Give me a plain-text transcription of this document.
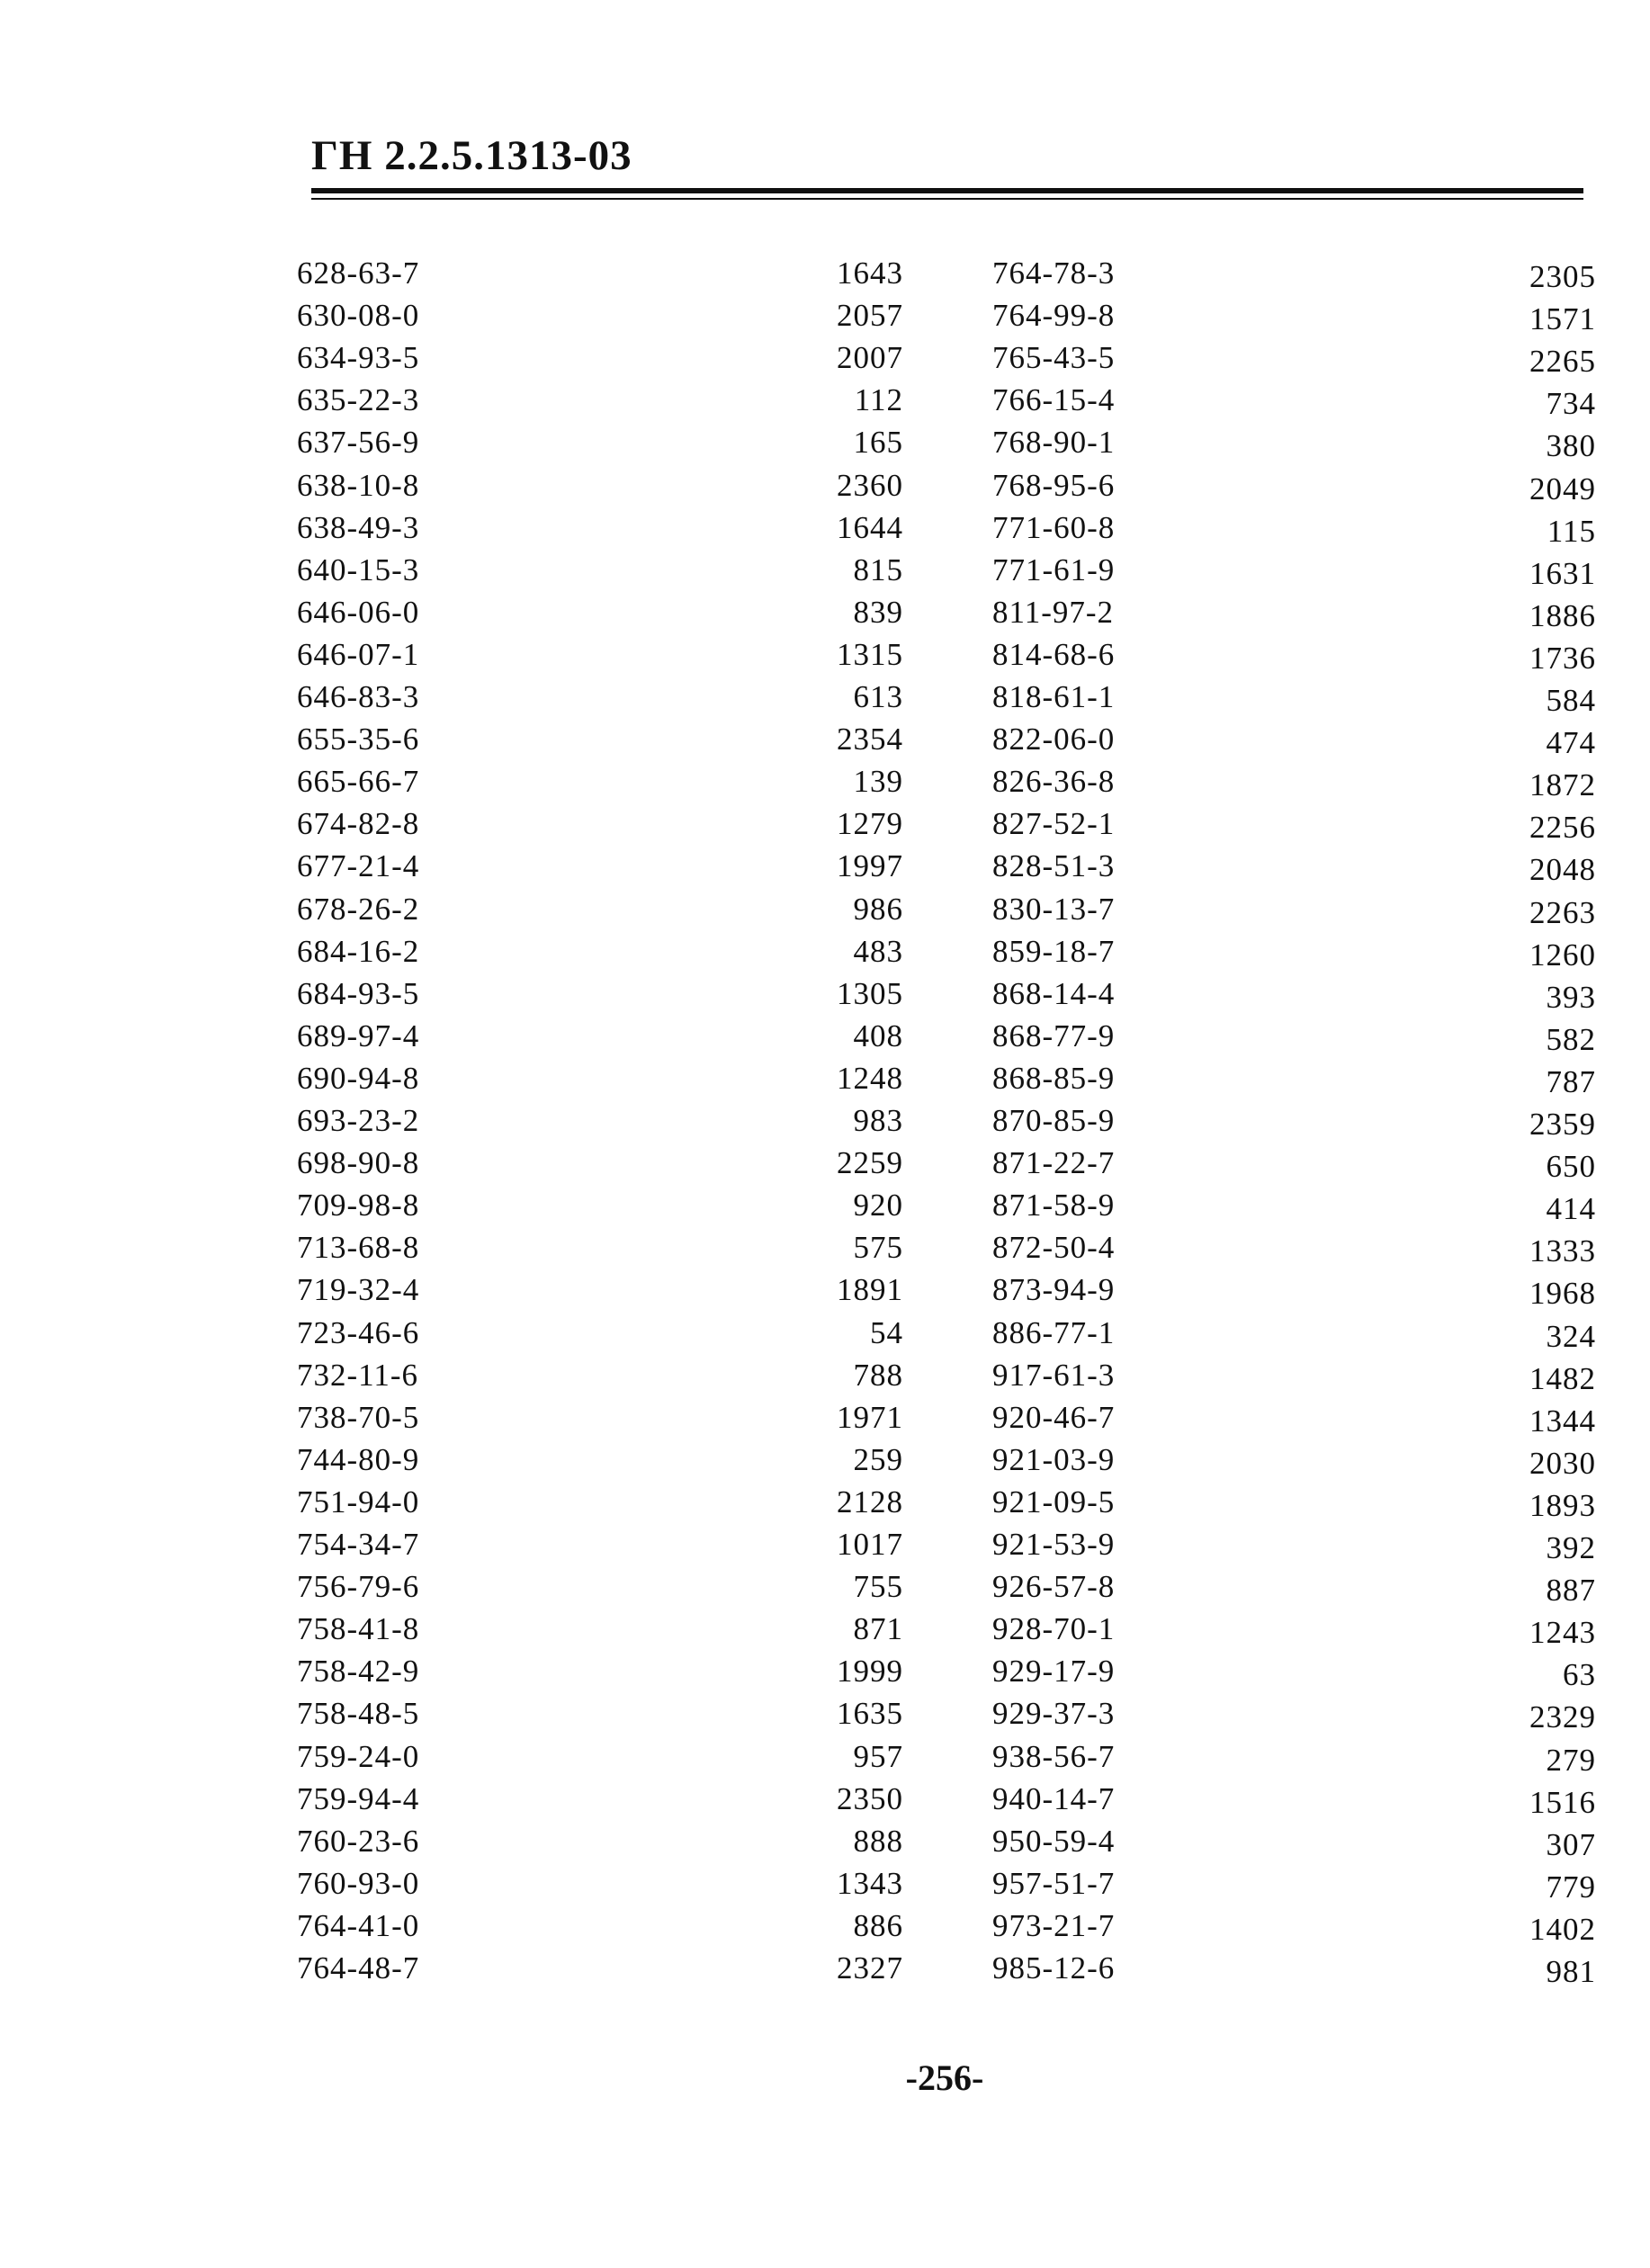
ГН 2.2.5.1313-03
628-63-7	1643	764-78-3	2305
630-08-0	2057	764-99-8	1571
634-93-5	2007	765-43-5	2265
635-22-3	112	766-15-4	734
637-56-9	165	768-90-1	380
638-10-8	2360	768-95-6	2049
638-49-3	1644	771-60-8	115
640-15-3	815	771-61-9	1631
646-06-0	839	811-97-2	1886
646-07-1	1315	814-68-6	1736
646-83-3	613	818-61-1	584
655-35-6	2354	822-06-0	474
665-66-7	139	826-36-8	1872
674-82-8	1279	827-52-1	2256
677-21-4	1997	828-51-3	2048
678-26-2	986	830-13-7	2263
684-16-2	483	859-18-7	1260
684-93-5	1305	868-14-4	393
689-97-4	408	868-77-9	582
690-94-8	1248	868-85-9	787
693-23-2	983	870-85-9	2359
698-90-8	2259	871-22-7	650
709-98-8	920	871-58-9	414
713-68-8	575	872-50-4	1333
719-32-4	1891	873-94-9	1968
723-46-6	54	886-77-1	324
732-11-6	788	917-61-3	1482
738-70-5	1971	920-46-7	1344
744-80-9	259	921-03-9	2030
751-94-0	2128	921-09-5	1893
754-34-7	1017	921-53-9	392
756-79-6	755	926-57-8	887
758-41-8	871	928-70-1	1243
758-42-9	1999	929-17-9	63
758-48-5	1635	929-37-3	2329
759-24-0	957	938-56-7	279
759-94-4	2350	940-14-7	1516
760-23-6	888	950-59-4	307
760-93-0	1343	957-51-7	779
764-41-0	886	973-21-7	1402
764-48-7	2327	985-12-6	981
-256-
